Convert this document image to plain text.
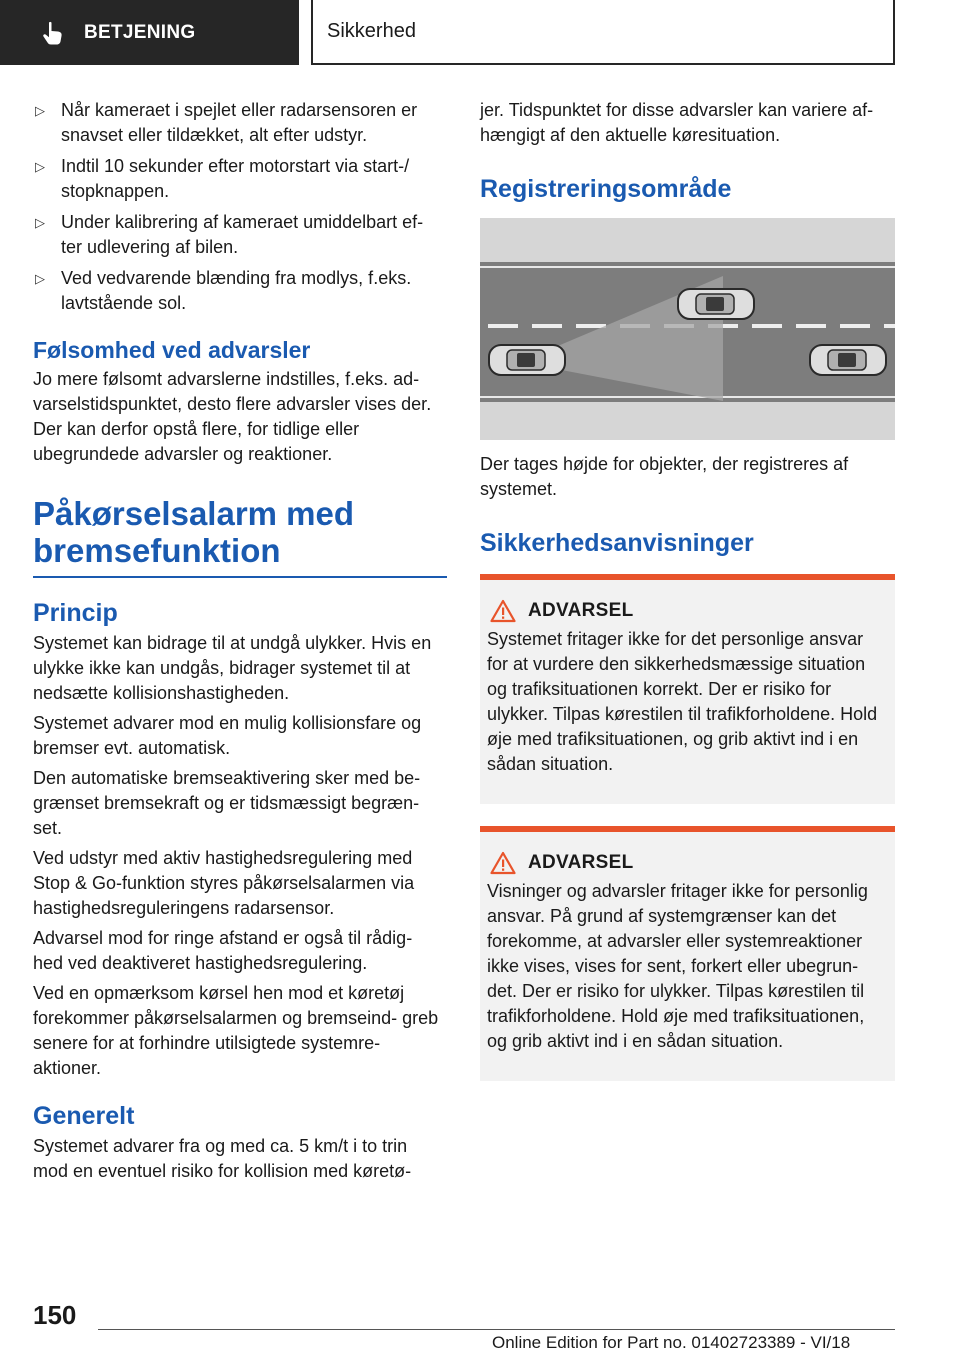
BETJENING	Sikkerhed
▷ Når kameraet i spejlet eller radarsensoren er snavset eller tildækket, alt efter udstyr.
▷ Indtil 10 sekunder efter motorstart via start-/ stopknappen.
▷ Under kalibrering af kameraet umiddelbart ef- ter udlevering af bilen.
▷ Ved vedvarende blænding fra modlys, f.eks. lavtstående sol.
Følsomhed ved advarsler

Jo mere følsomt advarslerne indstilles, f.eks. ad- varselstidspunktet, desto flere advarsler vises der. Der kan derfor opstå flere, for tidlige eller ubegrundede advarsler og reaktioner.

Påkørselsalarm med
bremsefunktion
Princip

Systemet kan bidrage til at undgå ulykker. Hvis en ulykke ikke kan undgås, bidrager systemet til at nedsætte kollisionshastigheden.

Systemet advarer mod en mulig kollisionsfare og bremser evt. automatisk.

Den automatiske bremseaktivering sker med be- grænset bremsekraft og er tidsmæssigt begræn- set.

Ved udstyr med aktiv hastighedsregulering med Stop & Go-funktion styres påkørselsalarmen via hastighedsreguleringens radarsensor.

Advarsel mod for ringe afstand er også til rådig- hed ved deaktiveret hastighedsregulering.

Ved en opmærksom kørsel hen mod et køretøj forekommer påkørselsalarmen og bremseind- greb senere for at forhindre utilsigtede systemre- aktioner.

Generelt

Systemet advarer fra og med ca. 5 km/t i to trin mod en eventuel risiko for kollision med køretø-

jer. Tidspunktet for disse advarsler kan variere af- hængigt af den aktuelle køresituation.

Registreringsområde

Der tages højde for objekter, der registreres af systemet.

Sikkerhedsanvisninger
ADVARSEL

Systemet fritager ikke for det personlige ansvar for at vurdere den sikkerhedsmæssige situation og trafiksituationen korrekt. Der er risiko for ulykker. Tilpas kørestilen til trafikforholdene. Hold øje med trafiksituationen, og grib aktivt ind i en sådan situation.

ADVARSEL

Visninger og advarsler fritager ikke for personlig ansvar. På grund af systemgrænser kan det forekomme, at advarsler eller systemreaktioner ikke vises, vises for sent, forkert eller ubegrun- det. Der er risiko for ulykker. Tilpas kørestilen til trafikforholdene. Hold øje med trafiksituationen, og grib aktivt ind i en sådan situation.

150
Online Edition for Part no. 01402723389 - VI/18
